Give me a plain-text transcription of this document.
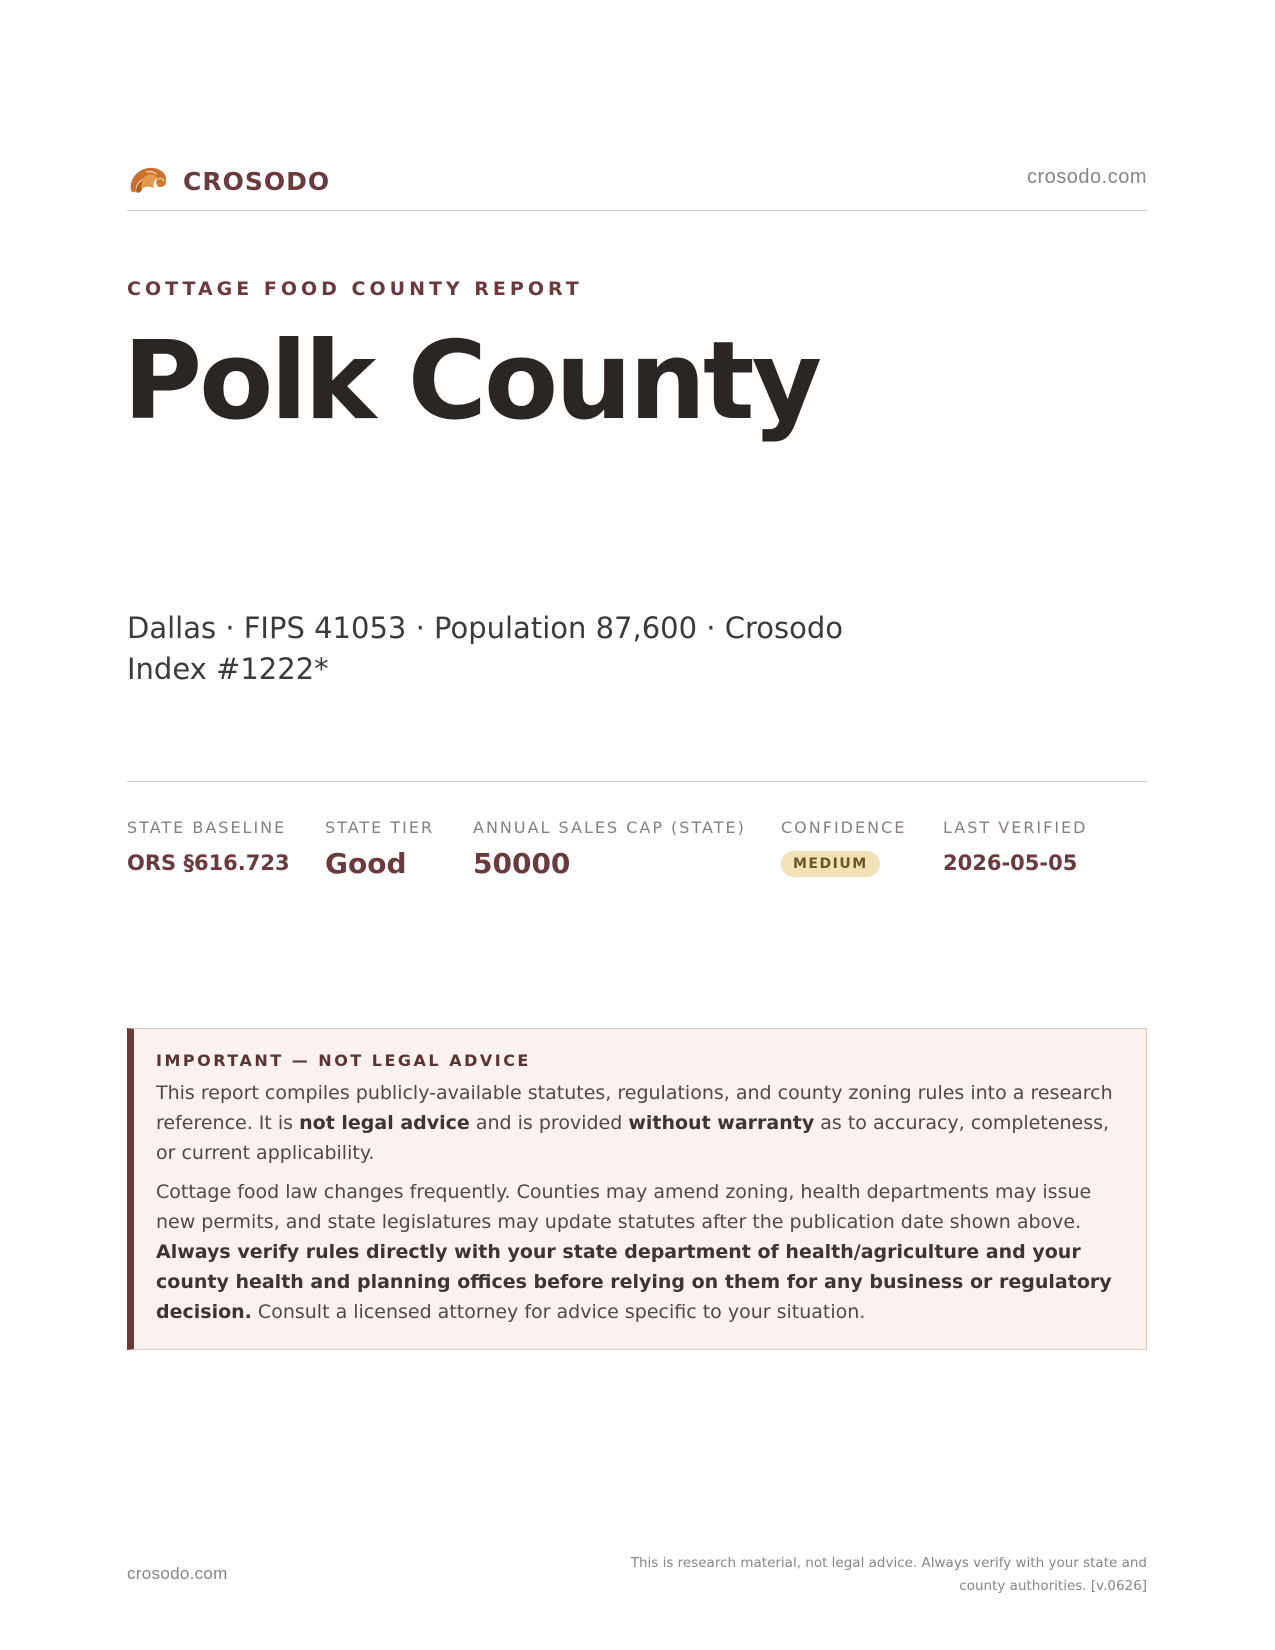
CROSODO	crosodo.com
COTTAGE FOOD COUNTY REPORT
Polk County
Dallas · FIPS 41053 · Population 87,600 · Crosodo Index #1222*
STATE BASELINE
ORS §616.723
STATE TIER
Good
ANNUAL SALES CAP (STATE)
50000
CONFIDENCE
MEDIUM
LAST VERIFIED
2026-05-05
IMPORTANT — NOT LEGAL ADVICE

This report compiles publicly-available statutes, regulations, and county zoning rules into a research reference. It is not legal advice and is provided without warranty as to accuracy, completeness, or current applicability.

Cottage food law changes frequently. Counties may amend zoning, health departments may issue new permits, and state legislatures may update statutes after the publication date shown above. Always verify rules directly with your state department of health/agriculture and your county health and planning offices before relying on them for any business or regulatory decision. Consult a licensed attorney for advice specific to your situation.

crosodo.com
This is research material, not legal advice. Always verify with your state and county authorities. [v.0626]
